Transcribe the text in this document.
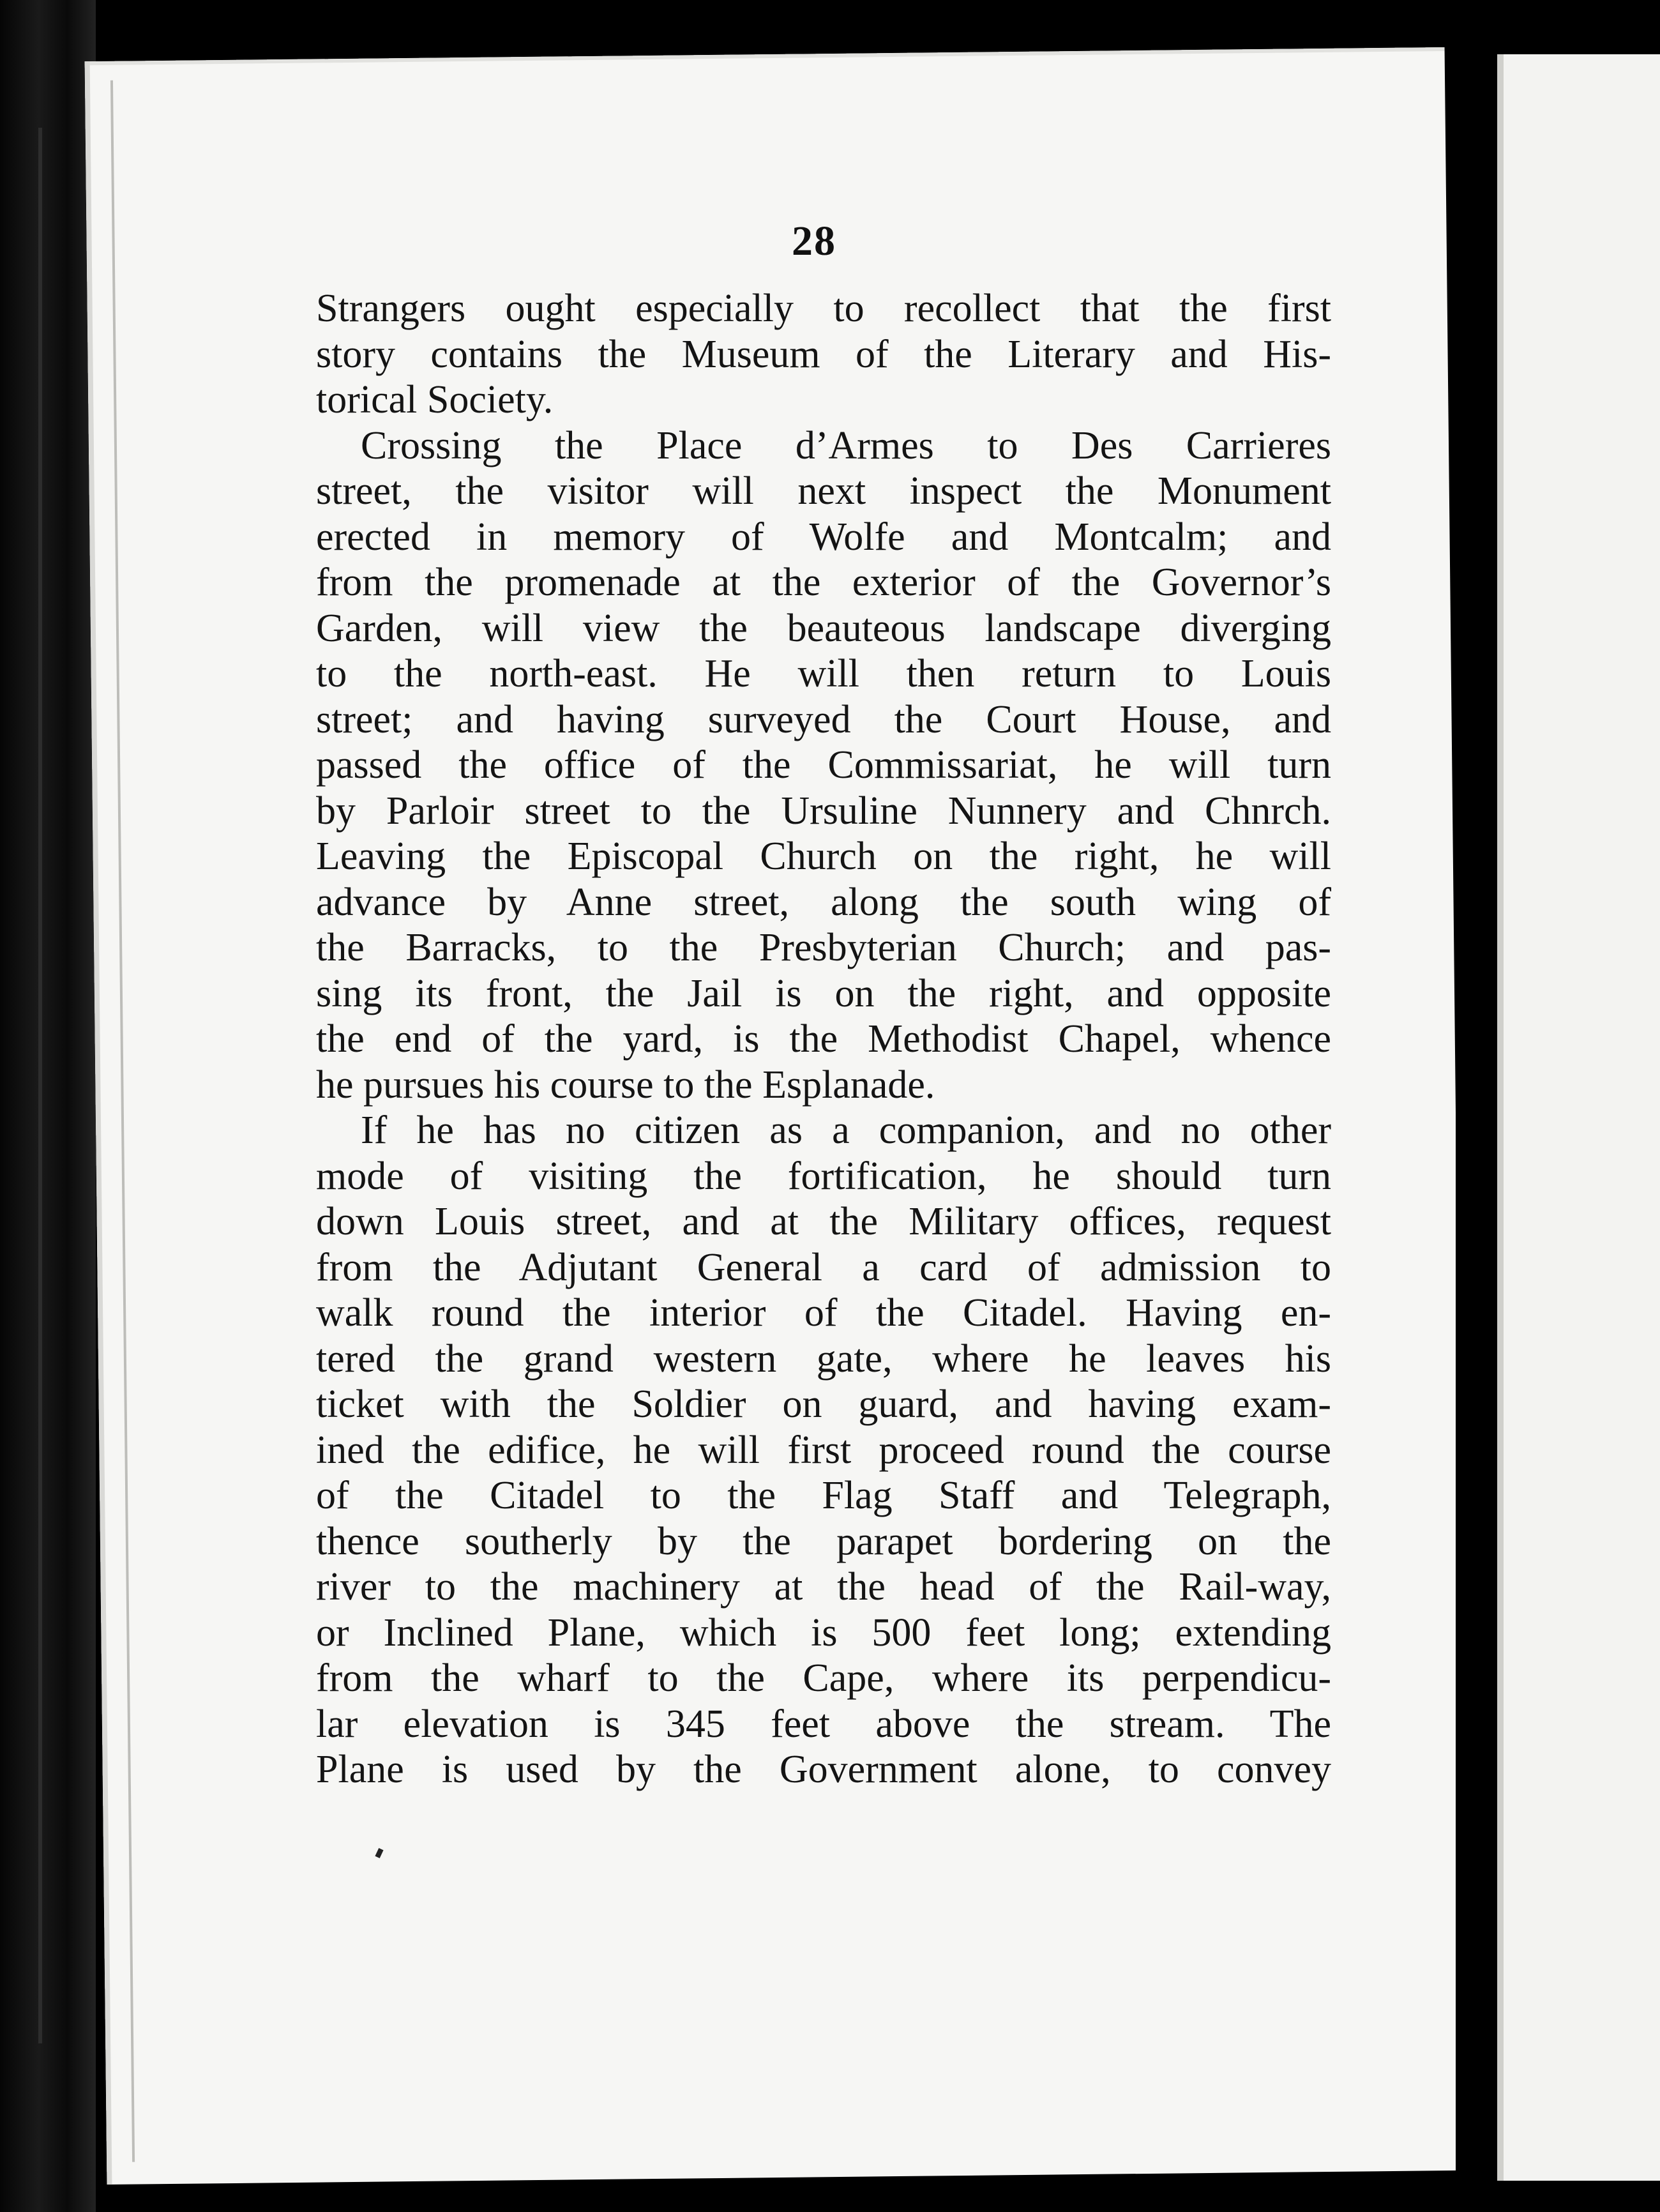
28
Strangers ought especially to recollect that the first
story contains the Museum of the Literary and His-
torical Society.
Crossing the Place d’Armes to Des Carrieres
street, the visitor will next inspect the Monument
erected in memory of Wolfe and Montcalm; and
from the promenade at the exterior of the Governor’s
Garden, will view the beauteous landscape diverging
to the north-east. He will then return to Louis
street; and having surveyed the Court House, and
passed the office of the Commissariat, he will turn
by Parloir street to the Ursuline Nunnery and Chnrch.
Leaving the Episcopal Church on the right, he will
advance by Anne street, along the south wing of
the Barracks, to the Presbyterian Church; and pas-
sing its front, the Jail is on the right, and opposite
the end of the yard, is the Methodist Chapel, whence
he pursues his course to the Esplanade.
If he has no citizen as a companion, and no other
mode of visiting the fortification, he should turn
down Louis street, and at the Military offices, request
from the Adjutant General a card of admission to
walk round the interior of the Citadel. Having en-
tered the grand western gate, where he leaves his
ticket with the Soldier on guard, and having exam-
ined the edifice, he will first proceed round the course
of the Citadel to the Flag Staff and Telegraph,
thence southerly by the parapet bordering on the
river to the machinery at the head of the Rail-way,
or Inclined Plane, which is 500 feet long; extending
from the wharf to the Cape, where its perpendicu-
lar elevation is 345 feet above the stream. The
Plane is used by the Government alone, to convey
